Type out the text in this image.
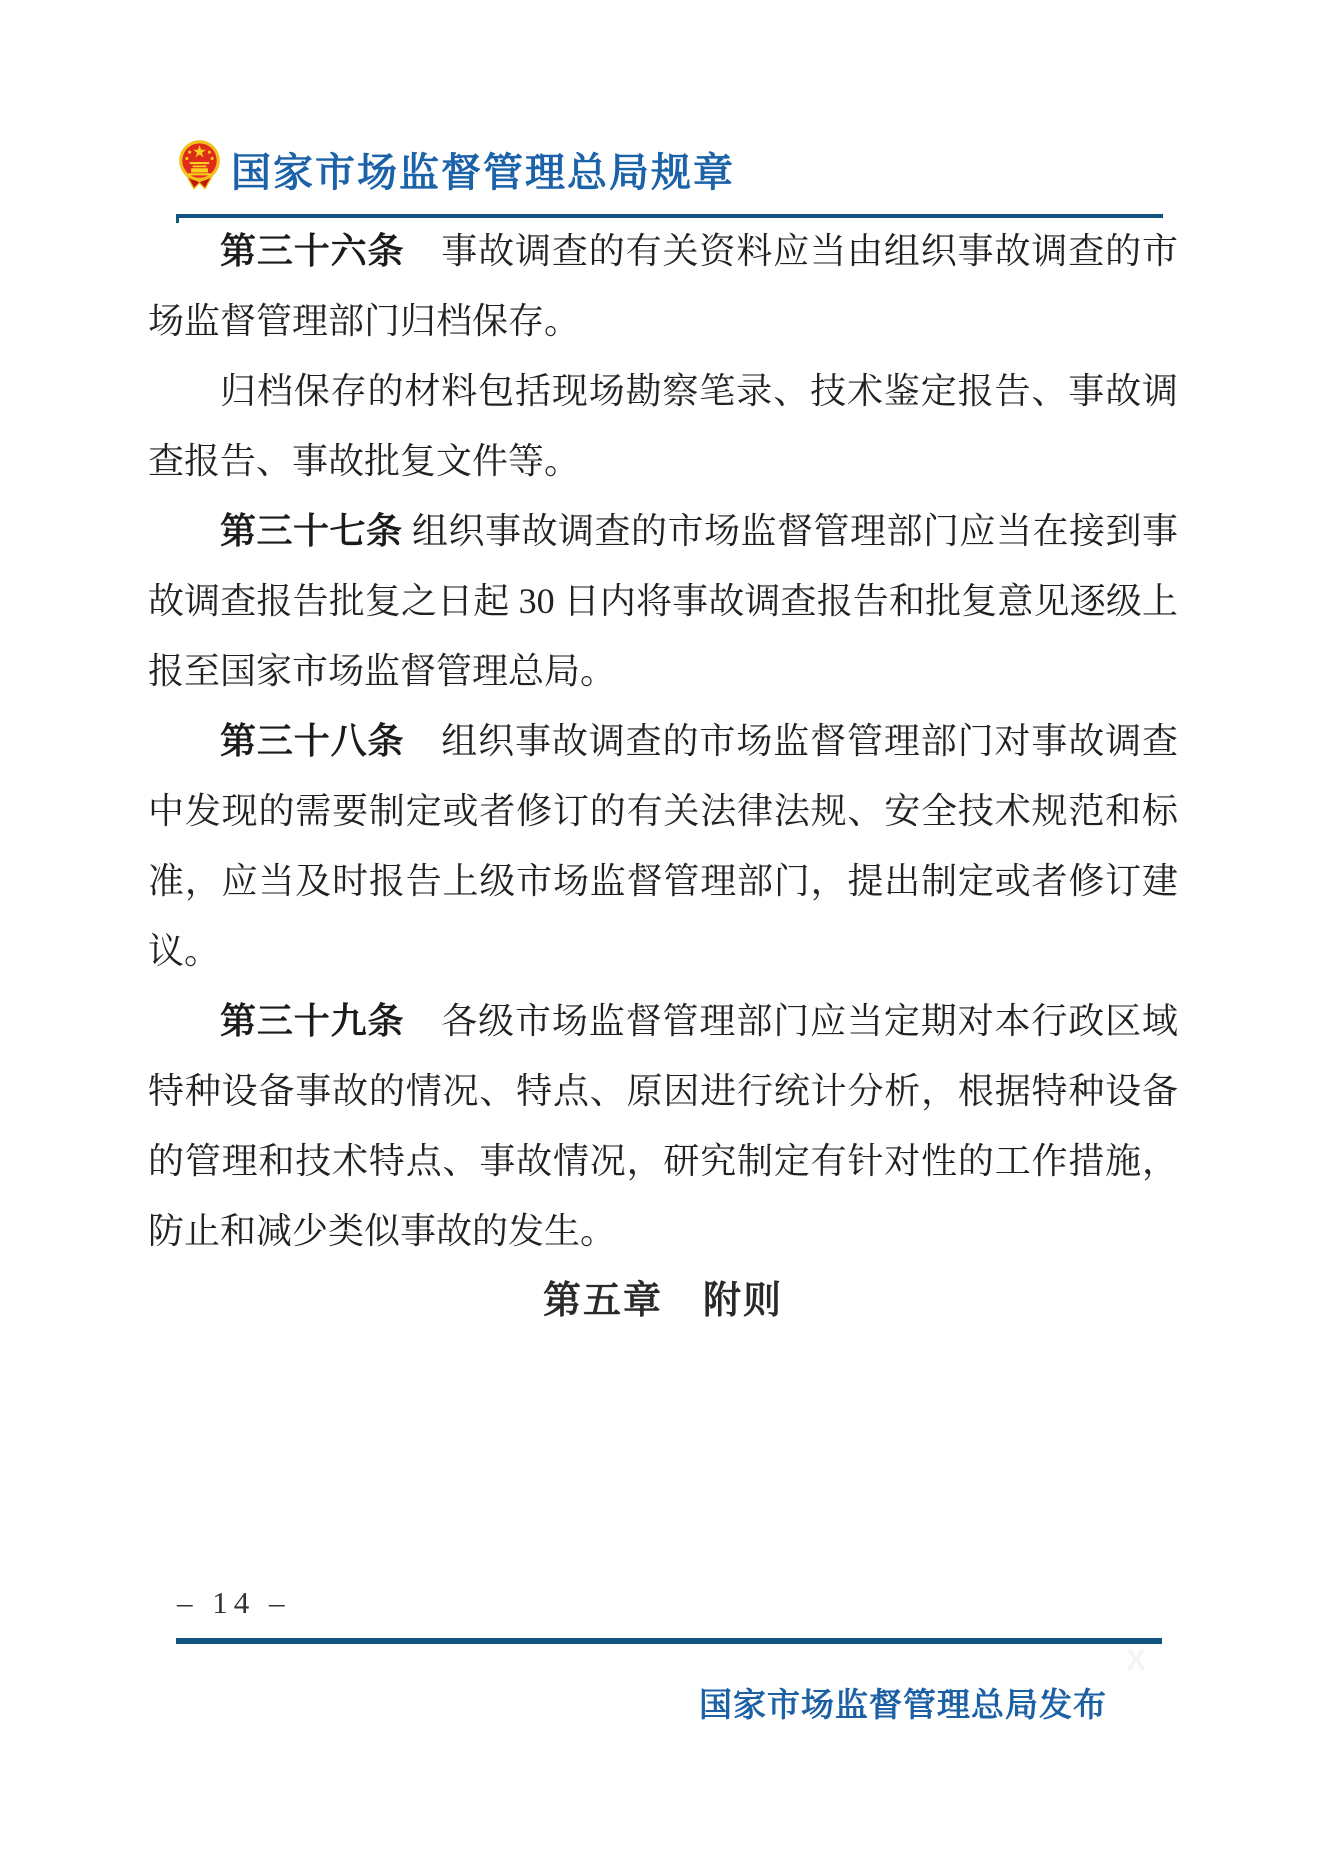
国家市场监督管理总局规章

第三十六条　事故调查的有关资料应当由组织事故调查的市场监督管理部门归档保存。

归档保存的材料包括现场勘察笔录、技术鉴定报告、事故调查报告、事故批复文件等。

第三十七条 组织事故调查的市场监督管理部门应当在接到事故调查报告批复之日起 30 日内将事故调查报告和批复意见逐级上报至国家市场监督管理总局。

第三十八条　组织事故调查的市场监督管理部门对事故调查中发现的需要制定或者修订的有关法律法规、安全技术规范和标准，应当及时报告上级市场监督管理部门，提出制定或者修订建议。

第三十九条　各级市场监督管理部门应当定期对本行政区域特种设备事故的情况、特点、原因进行统计分析，根据特种设备的管理和技术特点、事故情况，研究制定有针对性的工作措施，防止和减少类似事故的发生。

第五章　附则

– 14 –
X
国家市场监督管理总局发布
